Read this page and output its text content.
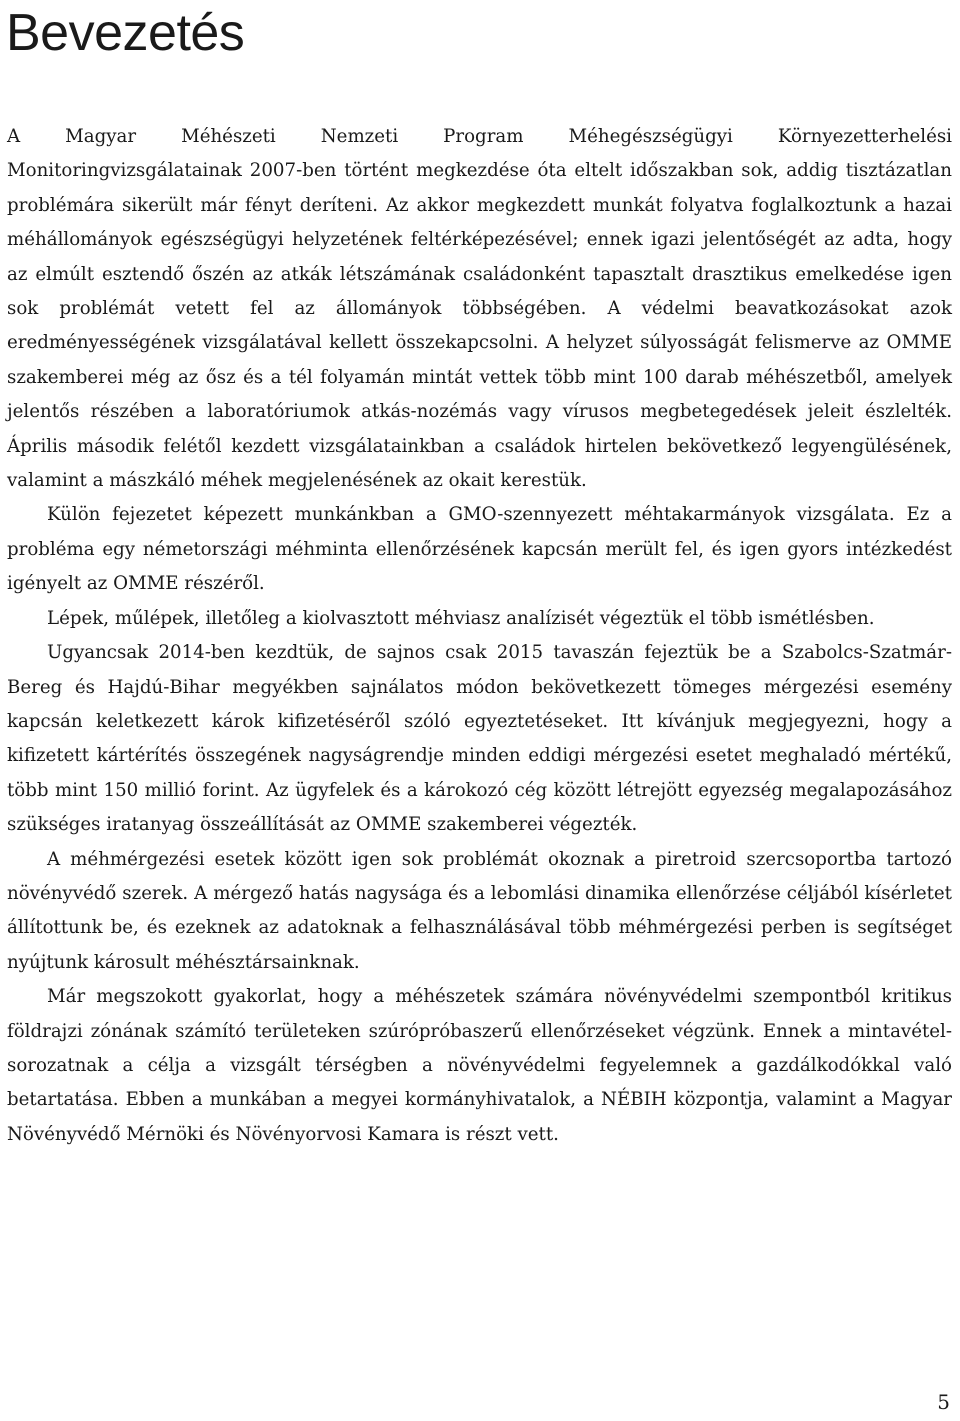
Bevezetés

A Magyar Méhészeti Nemzeti Program Méhegészségügyi Környezetterhelési Monitoringvizsgálatainak 2007-ben történt megkezdése óta eltelt időszakban sok, addig tisztázatlan problémára sikerült már fényt deríteni. Az akkor megkezdett munkát folyatva foglalkoztunk a hazai méhállományok egészségügyi helyzetének feltérképezésével; ennek igazi jelentőségét az adta, hogy az elmúlt esztendő őszén az atkák létszámának családonként tapasztalt drasztikus emelkedése igen sok problémát vetett fel az állományok többségében. A védelmi beavatkozásokat azok eredményességének vizsgálatával kellett összekapcsolni. A helyzet súlyosságát felismerve az OMME szakemberei még az ősz és a tél folyamán mintát vettek több mint 100 darab méhészetből, amelyek jelentős részében a laboratóriumok atkás-nozémás vagy vírusos megbetegedések jeleit észlelték. Április második felétől kezdett vizsgálatainkban a családok hirtelen bekövetkező legyengülésének, valamint a mászkáló méhek megjelenésének az okait kerestük.

Külön fejezetet képezett munkánkban a GMO-szennyezett méhtakarmányok vizsgálata. Ez a probléma egy németországi méhminta ellenőrzésének kapcsán merült fel, és igen gyors intézkedést igényelt az OMME részéről.

Lépek, műlépek, illetőleg a kiolvasztott méhviasz analízisét végeztük el több ismétlésben.

Ugyancsak 2014-ben kezdtük, de sajnos csak 2015 tavaszán fejeztük be a Szabolcs-Szatmár-Bereg és Hajdú-Bihar megyékben sajnálatos módon bekövetkezett tömeges mérgezési esemény kapcsán keletkezett károk kifizetéséről szóló egyeztetéseket. Itt kívánjuk megjegyezni, hogy a kifizetett kártérítés összegének nagyságrendje minden eddigi mérgezési esetet meghaladó mértékű, több mint 150 millió forint. Az ügyfelek és a károkozó cég között létrejött egyezség megalapozásához szükséges iratanyag összeállítását az OMME szakemberei végezték.

A méhmérgezési esetek között igen sok problémát okoznak a piretroid szercsoportba tartozó növényvédő szerek. A mérgező hatás nagysága és a lebomlási dinamika ellenőrzése céljából kísérletet állítottunk be, és ezeknek az adatoknak a felhasználásával több méhmérgezési perben is segítséget nyújtunk károsult méhésztársainknak.

Már megszokott gyakorlat, hogy a méhészetek számára növényvédelmi szempontból kritikus földrajzi zónának számító területeken szúrópróbaszerű ellenőrzéseket végzünk. Ennek a mintavétel-sorozatnak a célja a vizsgált térségben a növényvédelmi fegyelemnek a gazdálkodókkal való betartatása. Ebben a munkában a megyei kormányhivatalok, a NÉBIH központja, valamint a Magyar Növényvédő Mérnöki és Növényorvosi Kamara is részt vett.

5
